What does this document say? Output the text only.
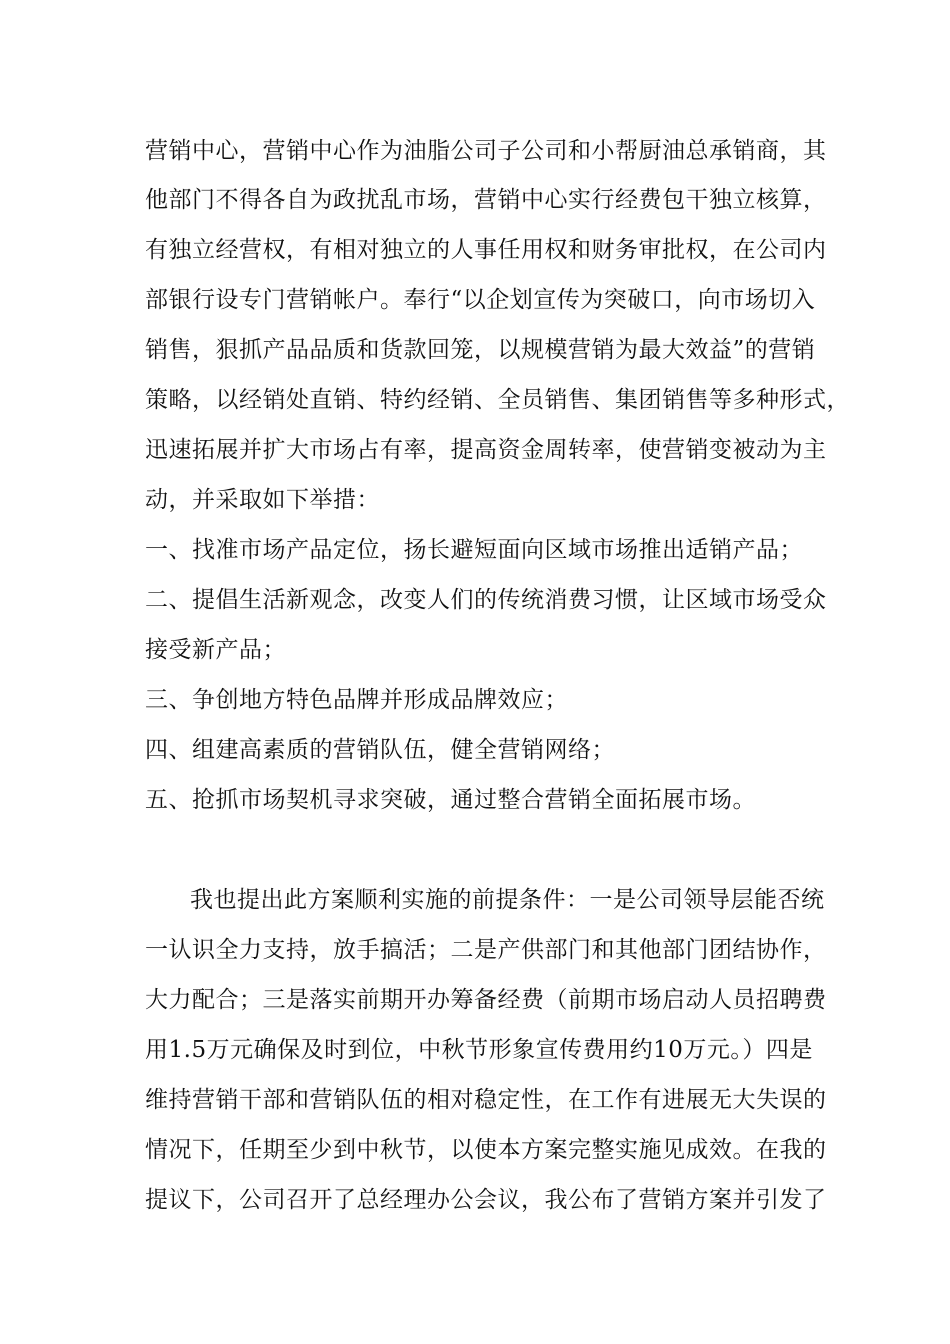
营销中心，营销中心作为油脂公司子公司和小帮厨油总承销商，其
他部门不得各自为政扰乱市场，营销中心实行经费包干独立核算，
有独立经营权，有相对独立的人事任用权和财务审批权，在公司内
部银行设专门营销帐户。奉行“以企划宣传为突破口，向市场切入
销售，狠抓产品品质和货款回笼，以规模营销为最大效益”的营销
策略，以经销处直销、特约经销、全员销售、集团销售等多种形式，
迅速拓展并扩大市场占有率，提高资金周转率，使营销变被动为主
动，并采取如下举措：
一、找准市场产品定位，扬长避短面向区域市场推出适销产品；
二、提倡生活新观念，改变人们的传统消费习惯，让区域市场受众
接受新产品；
三、争创地方特色品牌并形成品牌效应；
四、组建高素质的营销队伍，健全营销网络；
五、抢抓市场契机寻求突破，通过整合营销全面拓展市场。
我也提出此方案顺利实施的前提条件：一是公司领导层能否统
一认识全力支持，放手搞活；二是产供部门和其他部门团结协作，
大力配合；三是落实前期开办筹备经费（前期市场启动人员招聘费
用1.5万元确保及时到位，中秋节形象宣传费用约10万元。）四是
维持营销干部和营销队伍的相对稳定性，在工作有进展无大失误的
情况下，任期至少到中秋节，以使本方案完整实施见成效。在我的
提议下，公司召开了总经理办公会议，我公布了营销方案并引发了
